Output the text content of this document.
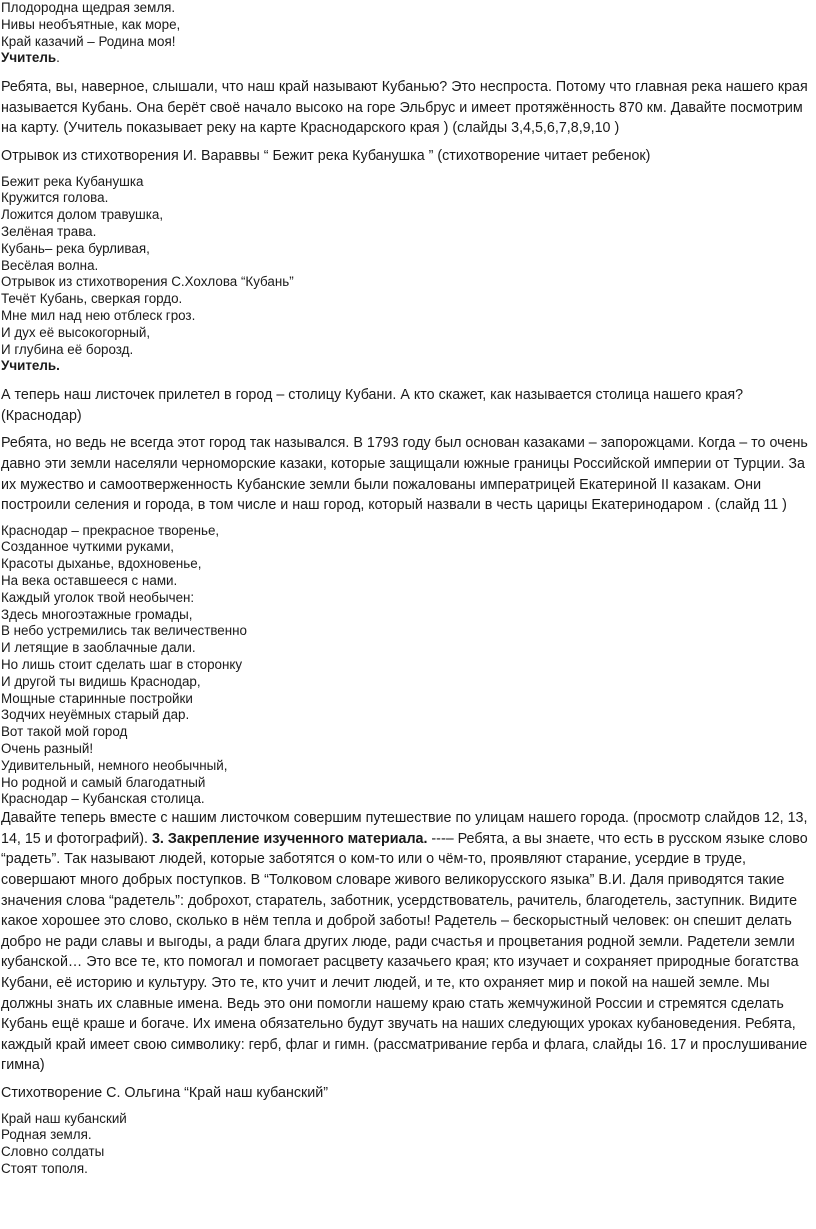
Плодородна щедрая земля.

Нивы необъятные, как море,

Край казачий – Родина моя!

Учитель.

Ребята, вы, наверное, слышали, что наш край называют Кубанью? Это неспроста. Потому что главная река нашего края называется Кубань. Она берёт своё начало высоко на горе Эльбрус и имеет протяжённость 870 км. Давайте посмотрим на карту. (Учитель показывает реку на карте Краснодарского края ) (слайды 3,4,5,6,7,8,9,10 )

Отрывок из стихотворения И. Вараввы “ Бежит река Кубанушка ” (стихотворение читает ребенок)

Бежит река Кубанушка

Кружится голова.

Ложится долом травушка,

Зелёная трава.

Кубань– река бурливая,

Весёлая волна.

Отрывок из стихотворения С.Хохлова “Кубань”

Течёт Кубань, сверкая гордо.

Мне мил над нею отблеск гроз.

И дух её высокогорный,

И глубина её борозд.

Учитель.

А теперь наш листочек прилетел в город – столицу Кубани. А кто скажет, как называется столица нашего края? (Краснодар)

Ребята, но ведь не всегда этот город так назывался. В 1793 году был основан казаками – запорожцами. Когда – то очень давно эти земли населяли черноморские казаки, которые защищали южные границы Российской империи от Турции. За их мужество и самоотверженность Кубанские земли были пожалованы императрицей Екатериной II казакам. Они построили селения и города, в том числе и наш город, который назвали в честь царицы Екатеринодаром . (слайд 11 )

Краснодар – прекрасное творенье,

Созданное чуткими руками,

Красоты дыханье, вдохновенье,

На века оставшееся с нами.

Каждый уголок твой необычен:

Здесь многоэтажные громады,

В небо устремились так величественно

И летящие в заоблачные дали.

Но лишь стоит сделать шаг в сторонку

И другой ты видишь Краснодар,

Мощные старинные постройки

Зодчих неуёмных старый дар.

Вот такой мой город

Очень разный!

Удивительный, немного необычный,

Но родной и самый благодатный

Краснодар – Кубанская столица.

Давайте теперь вместе с нашим листочком совершим путешествие по улицам нашего города. (просмотр слайдов 12, 13, 14, 15 и фотографий). 3. Закрепление изученного материала. ---– Ребята, а вы знаете, что есть в русском языке слово “радеть”. Так называют людей, которые заботятся о ком-то или о чём-то, проявляют старание, усердие в труде, совершают много добрых поступков. В “Толковом словаре живого великорусского языка” В.И. Даля приводятся такие значения слова “радетель”: доброхот, старатель, заботник, усердствователь, рачитель, благодетель, заступник. Видите какое хорошее это слово, сколько в нём тепла и доброй заботы! Радетель – бескорыстный человек: он спешит делать добро не ради славы и выгоды, а ради блага других люде, ради счастья и процветания родной земли. Радетели земли кубанской… Это все те, кто помогал и помогает расцвету казачьего края; кто изучает и сохраняет природные богатства Кубани, её историю и культуру. Это те, кто учит и лечит людей, и те, кто охраняет мир и покой на нашей земле. Мы должны знать их славные имена. Ведь это они помогли нашему краю стать жемчужиной России и стремятся сделать Кубань ещё краше и богаче. Их имена обязательно будут звучать на наших следующих уроках кубановедения. Ребята, каждый край имеет свою символику: герб, флаг и гимн. (рассматривание герба и флага, слайды 16. 17 и прослушивание гимна)

Стихотворение С. Ольгина “Край наш кубанский”

Край наш кубанский

Родная земля.

Словно солдаты

Стоят тополя.
